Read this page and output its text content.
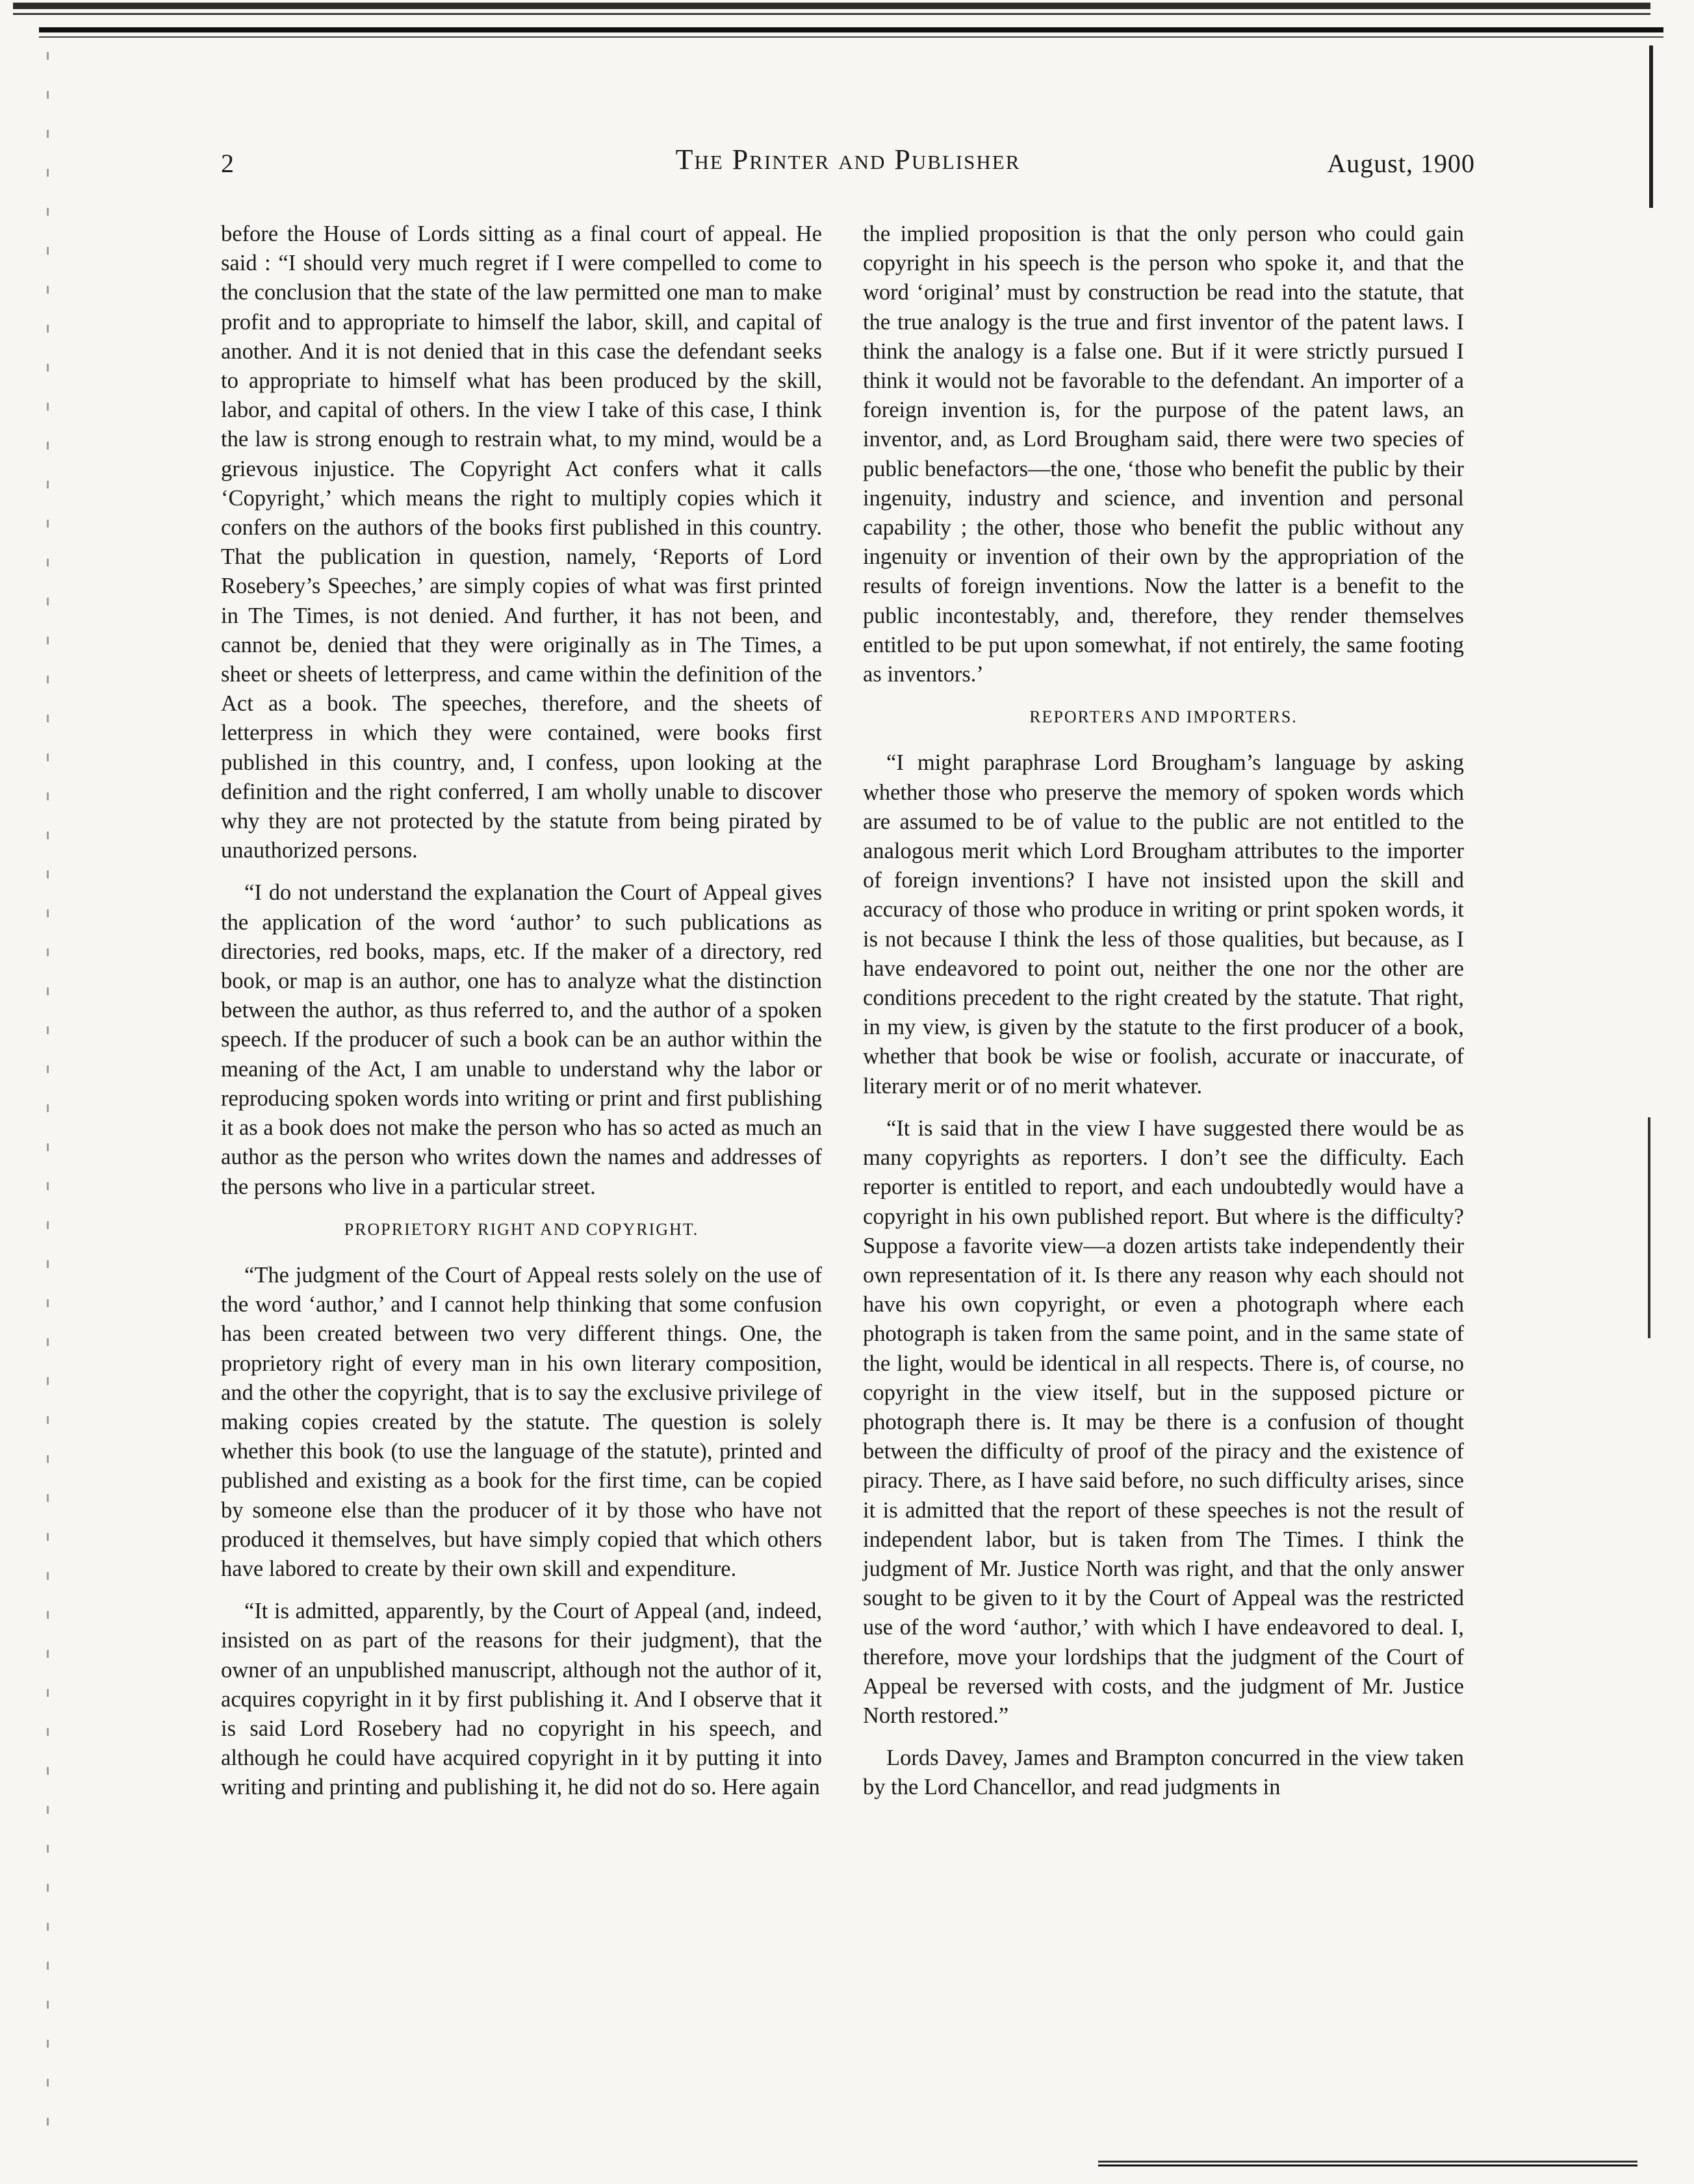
2	The Printer and Publisher	August, 1900

before the House of Lords sitting as a final court of appeal. He said : “I should very much regret if I were compelled to come to the conclusion that the state of the law permitted one man to make profit and to appropriate to himself the labor, skill, and capital of another. And it is not denied that in this case the defendant seeks to appropriate to himself what has been produced by the skill, labor, and capital of others. In the view I take of this case, I think the law is strong enough to restrain what, to my mind, would be a grievous injustice. The Copyright Act confers what it calls ‘Copyright,’ which means the right to multiply copies which it confers on the authors of the books first published in this country. That the publication in question, namely, ‘Reports of Lord Rosebery’s Speeches,’ are simply copies of what was first printed in The Times, is not denied. And further, it has not been, and cannot be, denied that they were originally as in The Times, a sheet or sheets of letterpress, and came within the definition of the Act as a book. The speeches, therefore, and the sheets of letterpress in which they were contained, were books first published in this country, and, I confess, upon looking at the definition and the right conferred, I am wholly unable to discover why they are not protected by the statute from being pirated by unauthorized persons.

“I do not understand the explanation the Court of Appeal gives the application of the word ‘author’ to such publications as directories, red books, maps, etc. If the maker of a directory, red book, or map is an author, one has to analyze what the distinction between the author, as thus referred to, and the author of a spoken speech. If the producer of such a book can be an author within the meaning of the Act, I am unable to understand why the labor or reproducing spoken words into writing or print and first publishing it as a book does not make the person who has so acted as much an author as the person who writes down the names and addresses of the persons who live in a particular street.

PROPRIETORY RIGHT AND COPYRIGHT.

“The judgment of the Court of Appeal rests solely on the use of the word ‘author,’ and I cannot help thinking that some confusion has been created between two very different things. One, the proprietory right of every man in his own literary composition, and the other the copyright, that is to say the exclusive privilege of making copies created by the statute. The question is solely whether this book (to use the language of the statute), printed and published and existing as a book for the first time, can be copied by someone else than the producer of it by those who have not produced it themselves, but have simply copied that which others have labored to create by their own skill and expenditure.

“It is admitted, apparently, by the Court of Appeal (and, indeed, insisted on as part of the reasons for their judgment), that the owner of an unpublished manuscript, although not the author of it, acquires copyright in it by first publishing it. And I observe that it is said Lord Rosebery had no copyright in his speech, and although he could have acquired copyright in it by putting it into writing and printing and publishing it, he did not do so. Here again

the implied proposition is that the only person who could gain copyright in his speech is the person who spoke it, and that the word ‘original’ must by construction be read into the statute, that the true analogy is the true and first inventor of the patent laws. I think the analogy is a false one. But if it were strictly pursued I think it would not be favorable to the defendant. An importer of a foreign invention is, for the purpose of the patent laws, an inventor, and, as Lord Brougham said, there were two species of public benefactors—the one, ‘those who benefit the public by their ingenuity, industry and science, and invention and personal capability ; the other, those who benefit the public without any ingenuity or invention of their own by the appropriation of the results of foreign inventions. Now the latter is a benefit to the public incontestably, and, therefore, they render themselves entitled to be put upon somewhat, if not entirely, the same footing as inventors.’

REPORTERS AND IMPORTERS.

“I might paraphrase Lord Brougham’s language by asking whether those who preserve the memory of spoken words which are assumed to be of value to the public are not entitled to the analogous merit which Lord Brougham attributes to the importer of foreign inventions? I have not insisted upon the skill and accuracy of those who produce in writing or print spoken words, it is not because I think the less of those qualities, but because, as I have endeavored to point out, neither the one nor the other are conditions precedent to the right created by the statute. That right, in my view, is given by the statute to the first producer of a book, whether that book be wise or foolish, accurate or inaccurate, of literary merit or of no merit whatever.

“It is said that in the view I have suggested there would be as many copyrights as reporters. I don’t see the difficulty. Each reporter is entitled to report, and each undoubtedly would have a copyright in his own published report. But where is the difficulty? Suppose a favorite view—a dozen artists take independently their own representation of it. Is there any reason why each should not have his own copyright, or even a photograph where each photograph is taken from the same point, and in the same state of the light, would be identical in all respects. There is, of course, no copyright in the view itself, but in the supposed picture or photograph there is. It may be there is a confusion of thought between the difficulty of proof of the piracy and the existence of piracy. There, as I have said before, no such difficulty arises, since it is admitted that the report of these speeches is not the result of independent labor, but is taken from The Times. I think the judgment of Mr. Justice North was right, and that the only answer sought to be given to it by the Court of Appeal was the restricted use of the word ‘author,’ with which I have endeavored to deal. I, therefore, move your lordships that the judgment of the Court of Appeal be reversed with costs, and the judgment of Mr. Justice North restored.”

Lords Davey, James and Brampton concurred in the view taken by the Lord Chancellor, and read judgments in
